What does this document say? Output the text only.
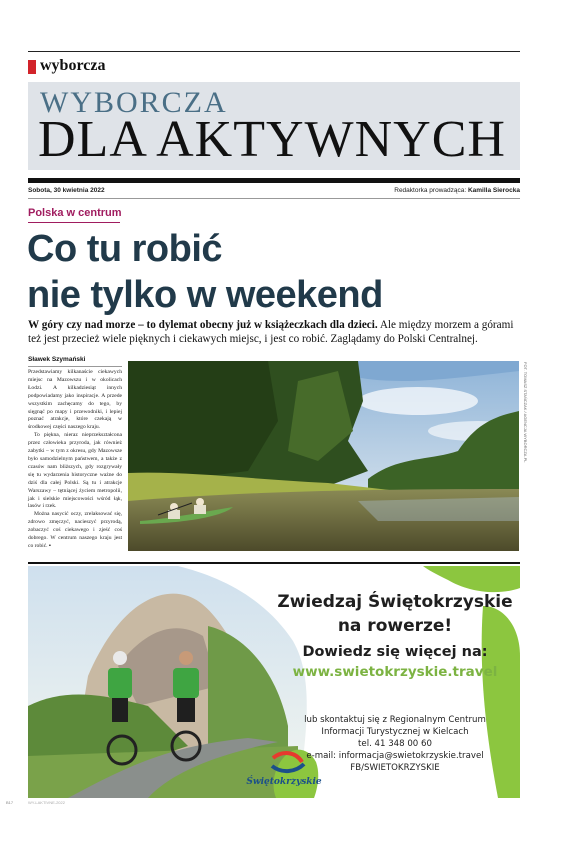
wyborcza
WYBORCZA
DLA AKTYWNYCH
Sobota, 30 kwietnia 2022	Redaktorka prowadząca: Kamilla Sierocka
Polska w centrum
Co tu robić
nie tylko w weekend
W góry czy nad morze – to dylemat obecny już w książeczkach dla dzieci. Ale między morzem a górami też jest przecież wiele pięknych i ciekawych miejsc, i jest co robić. Zaglądamy do Polski Centralnej.
Sławek Szymański

Przedstawiamy kilkanaście ciekawych miejsc na Mazowszu i w okolicach Łodzi. A kilkadziesiąt innych podpowiadamy jako inspiracje. A przede wszystkim zachęcamy do tego, by sięgnąć po mapy i przewodniki, i lepiej poznać atrakcje, które czekają w środkowej części naszego kraju.

To piękna, nieraz nieprzekształcona przez człowieka przyroda, jak również zabytki – w tym z okresu, gdy Mazowsze było samodzielnym państwem, a także z czasów nam bliższych, gdy rozgrywały się tu wydarzenia historyczne ważne do dziś dla całej Polski. Są tu i atrakcje Warszawy – tętniącej życiem metropolii, jak i sielskie miejscowości wśród łąk, lasów i rzek.

Można nasycić oczy, zrelaksować się, zdrowo zmęczyć, nacieszyć przyrodą, zobaczyć coś ciekawego i zjeść coś dobrego. W centrum naszego kraju jest co robić. ▪

FOT. TOMASZ STAŃCZAK / AGENCJA WYBORCZA.PL
Zwiedzaj Świętokrzyskie
na rowerze!
Dowiedz się więcej na:
www.swietokrzyskie.travel
lub skontaktuj się z Regionalnym Centrum
Informacji Turystycznej w Kielcach
tel. 41 348 00 60
e-mail: informacja@swietokrzyskie.travel
FB/SWIETOKRZYSKIE
Świętokrzyskie
B17	WY-LAKTIVNE-2022
